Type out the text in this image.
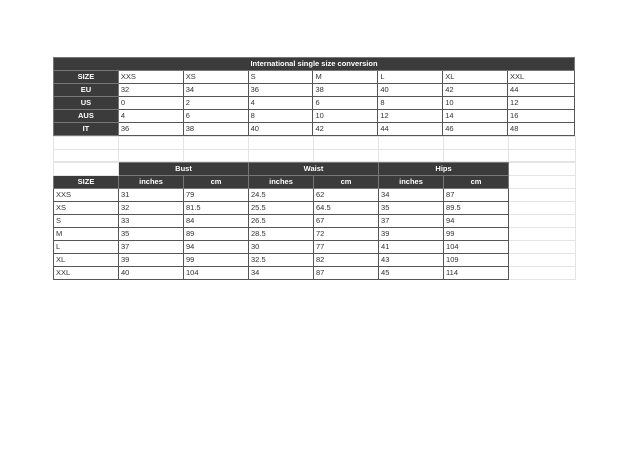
International single size conversion							
SIZE	XXS	XS	S	M	L	XL	XXL
EU	32	34	36	38	40	42	44
US	0	2	4	6	8	10	12
AUS	4	6	8	10	12	14	16
IT	36	38	40	42	44	46	48

	Bust		Waist		Hips		
SIZE	inches	cm	inches	cm	inches	cm	
XXS	31	79	24.5	62	34	87	
XS	32	81.5	25.5	64.5	35	89.5	
S	33	84	26.5	67	37	94	
M	35	89	28.5	72	39	99	
L	37	94	30	77	41	104	
XL	39	99	32.5	82	43	109	
XXL	40	104	34	87	45	114	
